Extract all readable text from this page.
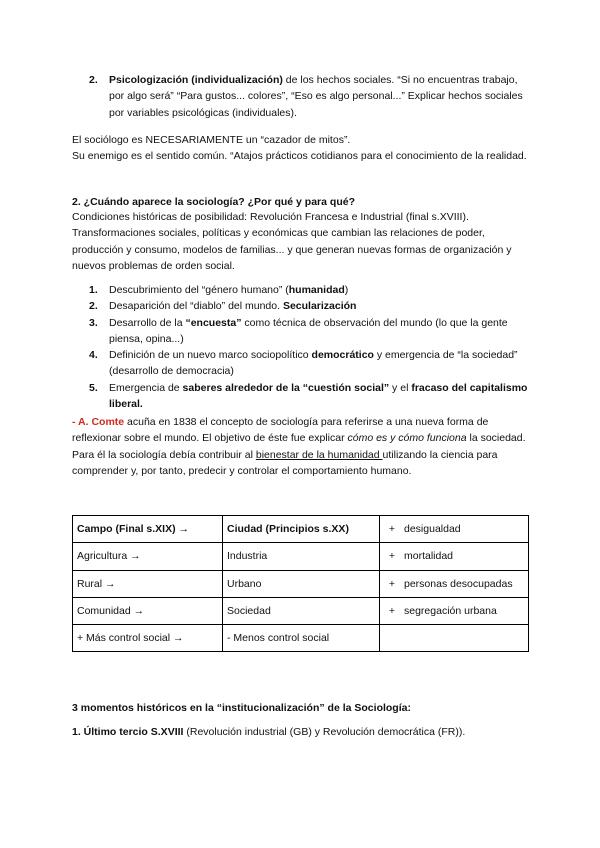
2. Psicologización (individualización) de los hechos sociales. “Si no encuentras trabajo, por algo será” “Para gustos... colores”, “Eso es algo personal...” Explicar hechos sociales por variables psicológicas (individuales).

El sociólogo es NECESARIAMENTE un “cazador de mitos”.

Su enemigo es el sentido común. “Atajos prácticos cotidianos para el conocimiento de la realidad.

2. ¿Cuándo aparece la sociología? ¿Por qué y para qué?

Condiciones históricas de posibilidad: Revolución Francesa e Industrial (final s.XVIII). Transformaciones sociales, políticas y económicas que cambian las relaciones de poder, producción y consumo, modelos de familias... y que generan nuevas formas de organización y nuevos problemas de orden social.

1. Descubrimiento del “género humano” (humanidad)
2. Desaparición del “diablo” del mundo. Secularización
3. Desarrollo de la “encuesta” como técnica de observación del mundo (lo que la gente piensa, opina...)
4. Definición de un nuevo marco sociopolítico democrático y emergencia de “la sociedad” (desarrollo de democracia)
5. Emergencia de saberes alrededor de la “cuestión social” y el fracaso del capitalismo liberal.

- A. Comte acuña en 1838 el concepto de sociología para referirse a una nueva forma de reflexionar sobre el mundo. El objetivo de éste fue explicar cómo es y cómo funciona la sociedad. Para él la sociología debía contribuir al bienestar de la humanidad utilizando la ciencia para comprender y, por tanto, predecir y controlar el comportamiento humano.

Campo (Final s.XIX) →	Ciudad (Principios s.XX)	+ desigualdad

Agricultura →	Industria	+ mortalidad

Rural →	Urbano	+ personas desocupadas

Comunidad →	Sociedad	+ segregación urbana

+ Más control social →	- Menos control social	

3 momentos históricos en la “institucionalización” de la Sociología:

1. Último tercio S.XVIII (Revolución industrial (GB) y Revolución democrática (FR)).
